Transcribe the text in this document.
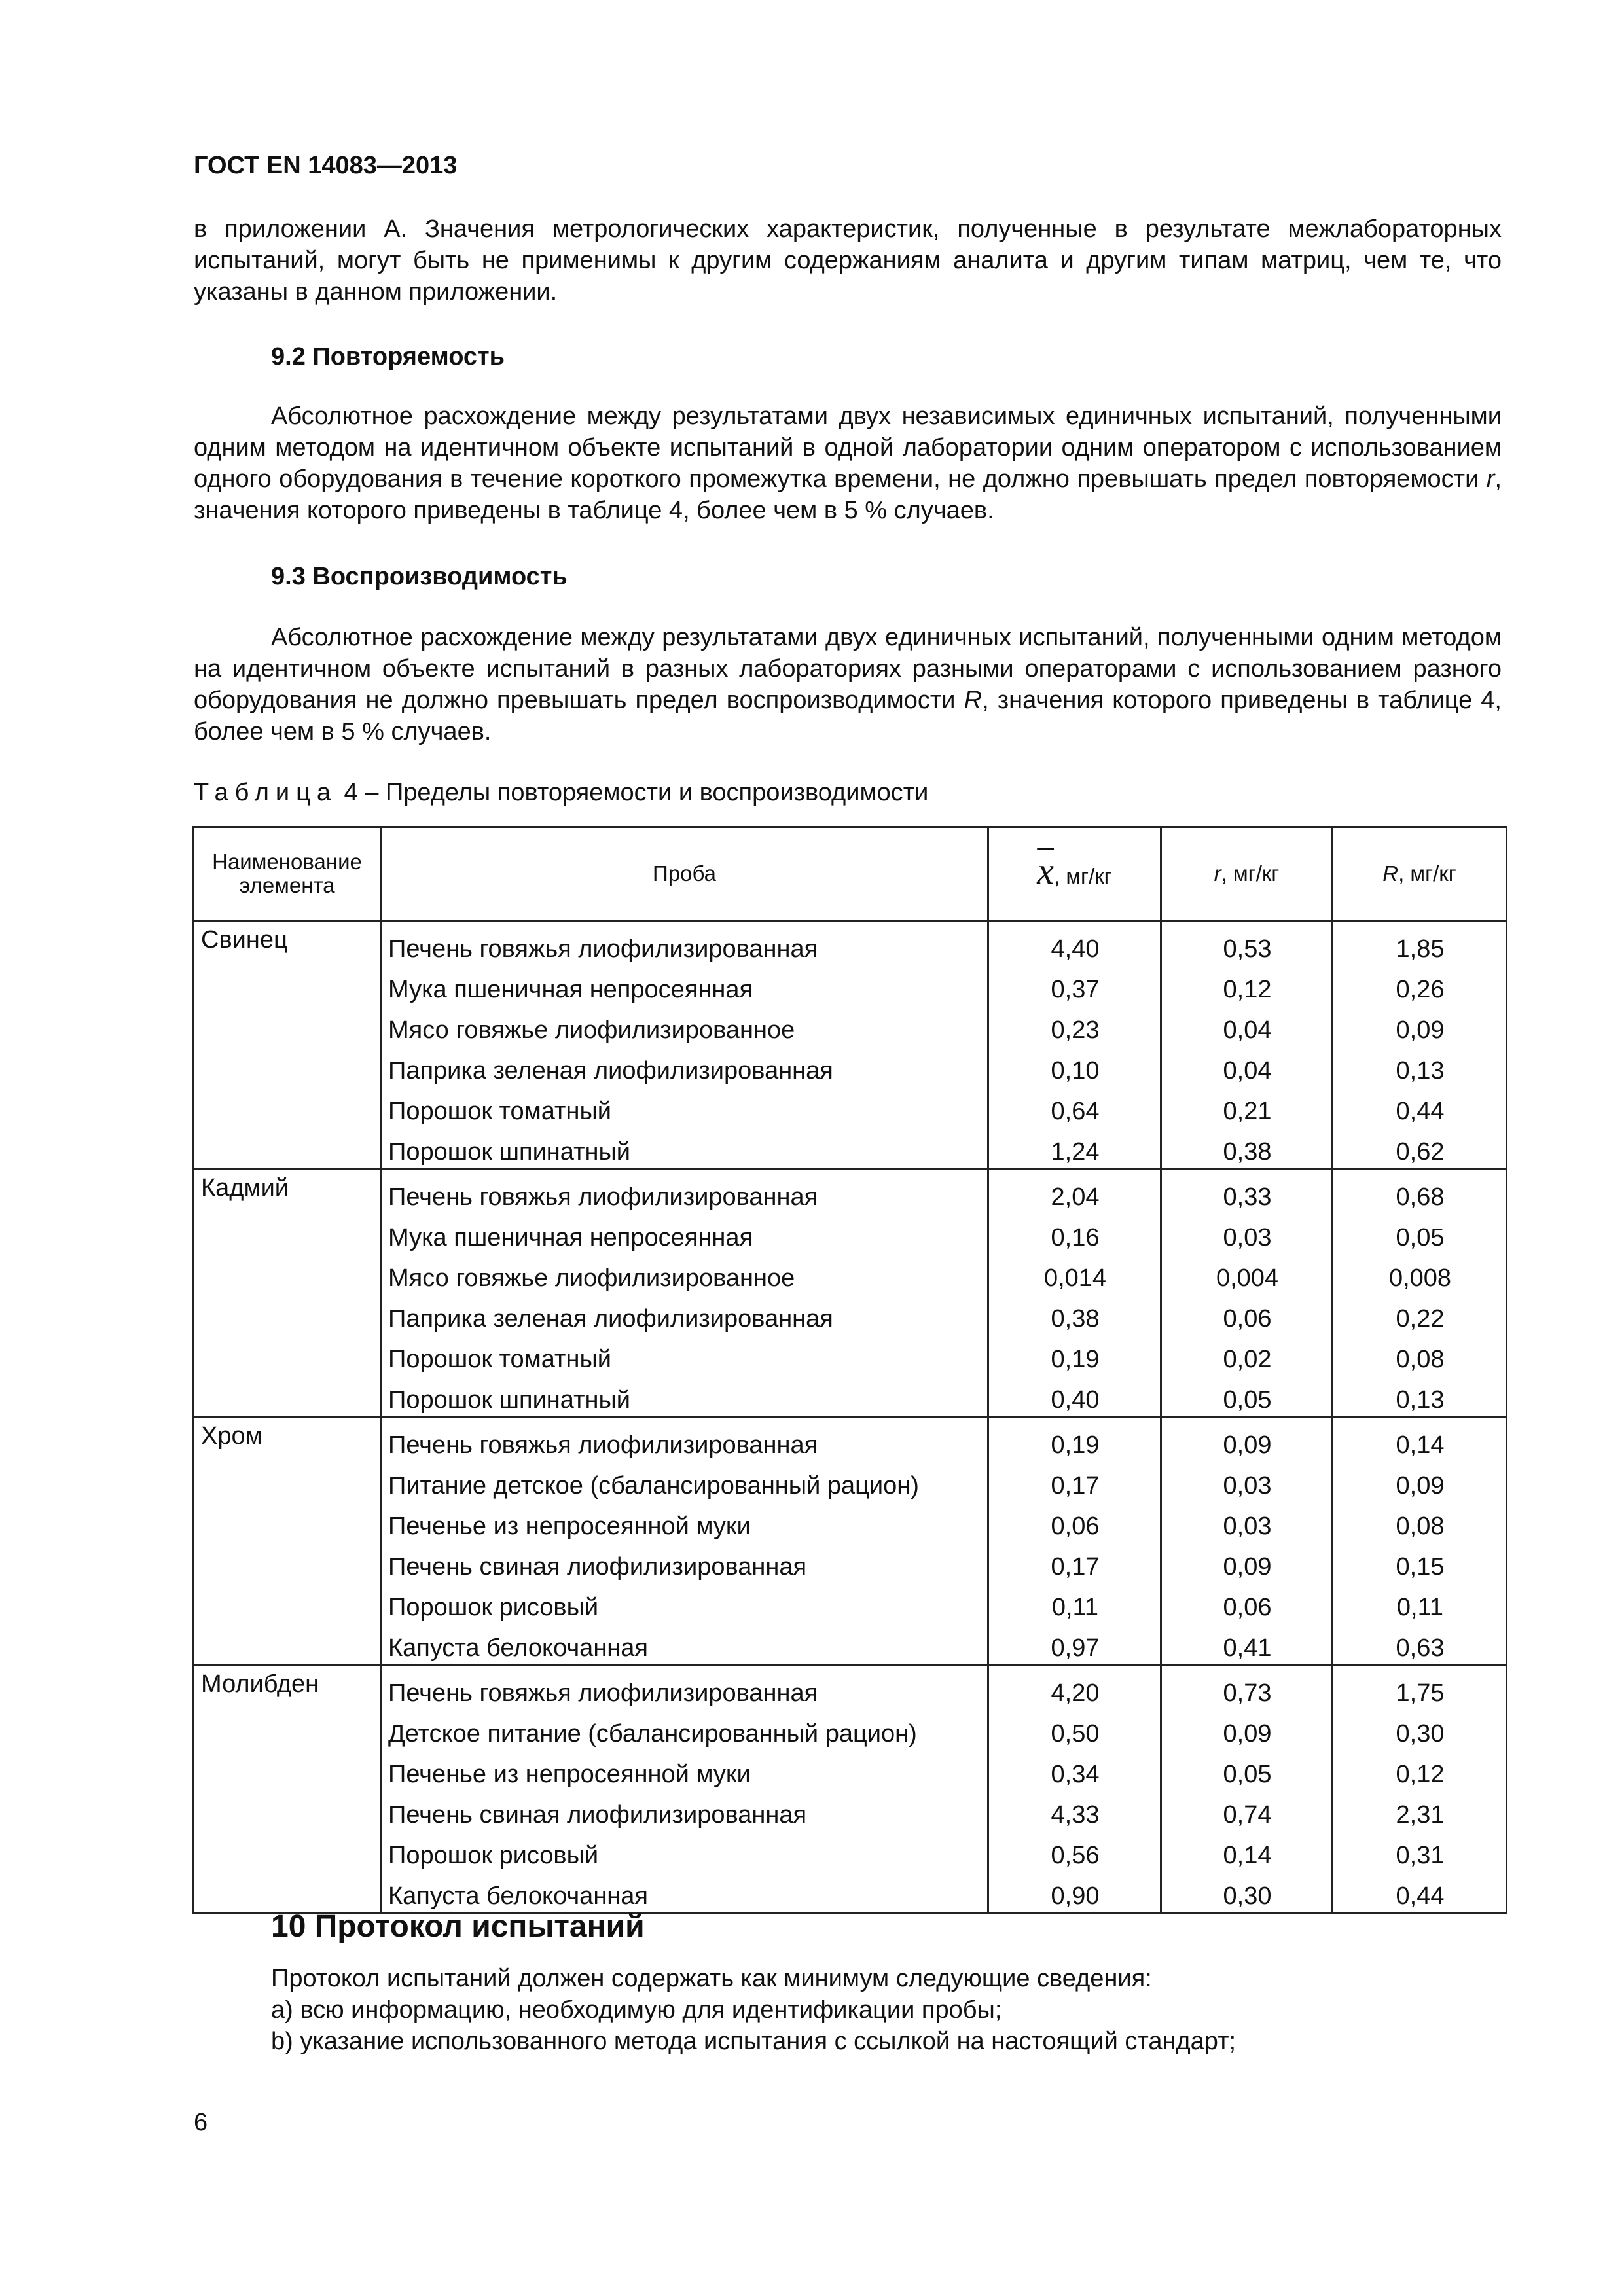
ГОСТ EN 14083—2013
в приложении А. Значения метрологических характеристик, полученные в результате межлабораторных испытаний, могут быть не применимы к другим содержаниям аналита и другим типам матриц, чем те, что указаны в данном приложении.
9.2 Повторяемость
Абсолютное расхождение между результатами двух независимых единичных испытаний, полученными одним методом на идентичном объекте испытаний в одной лаборатории одним оператором с использованием одного оборудования в течение короткого промежутка времени, не должно превышать предел повторяемости r, значения которого приведены в таблице 4, более чем в 5 % случаев.
9.3 Воспроизводимость
Абсолютное расхождение между результатами двух единичных испытаний, полученными одним методом на идентичном объекте испытаний в разных лабораториях разными операторами с использованием разного оборудования не должно превышать предел воспроизводимости R, значения которого приведены в таблице 4, более чем в 5 % случаев.
Таблица 4 – Пределы повторяемости и воспроизводимости
Наименование элемента	Проба	$\overline{x}$, мг/кг	r, мг/кг	R, мг/кг
Свинец	Печень говяжья лиофилизированная	4,40	0,53	1,85
	Мука пшеничная непросеянная	0,37	0,12	0,26
	Мясо говяжье лиофилизированное	0,23	0,04	0,09
	Паприка зеленая лиофилизированная	0,10	0,04	0,13
	Порошок томатный	0,64	0,21	0,44
	Порошок шпинатный	1,24	0,38	0,62
Кадмий	Печень говяжья лиофилизированная	2,04	0,33	0,68
	Мука пшеничная непросеянная	0,16	0,03	0,05
	Мясо говяжье лиофилизированное	0,014	0,004	0,008
	Паприка зеленая лиофилизированная	0,38	0,06	0,22
	Порошок томатный	0,19	0,02	0,08
	Порошок шпинатный	0,40	0,05	0,13
Хром	Печень говяжья лиофилизированная	0,19	0,09	0,14
	Питание детское (сбалансированный рацион)	0,17	0,03	0,09
	Печенье из непросеянной муки	0,06	0,03	0,08
	Печень свиная лиофилизированная	0,17	0,09	0,15
	Порошок рисовый	0,11	0,06	0,11
	Капуста белокочанная	0,97	0,41	0,63
Молибден	Печень говяжья лиофилизированная	4,20	0,73	1,75
	Детское питание (сбалансированный рацион)	0,50	0,09	0,30
	Печенье из непросеянной муки	0,34	0,05	0,12
	Печень свиная лиофилизированная	4,33	0,74	2,31
	Порошок рисовый	0,56	0,14	0,31
	Капуста белокочанная	0,90	0,30	0,44
10 Протокол испытаний
Протокол испытаний должен содержать как минимум следующие сведения:
а) всю информацию, необходимую для идентификации пробы;
b) указание использованного метода испытания с ссылкой на настоящий стандарт;
6
